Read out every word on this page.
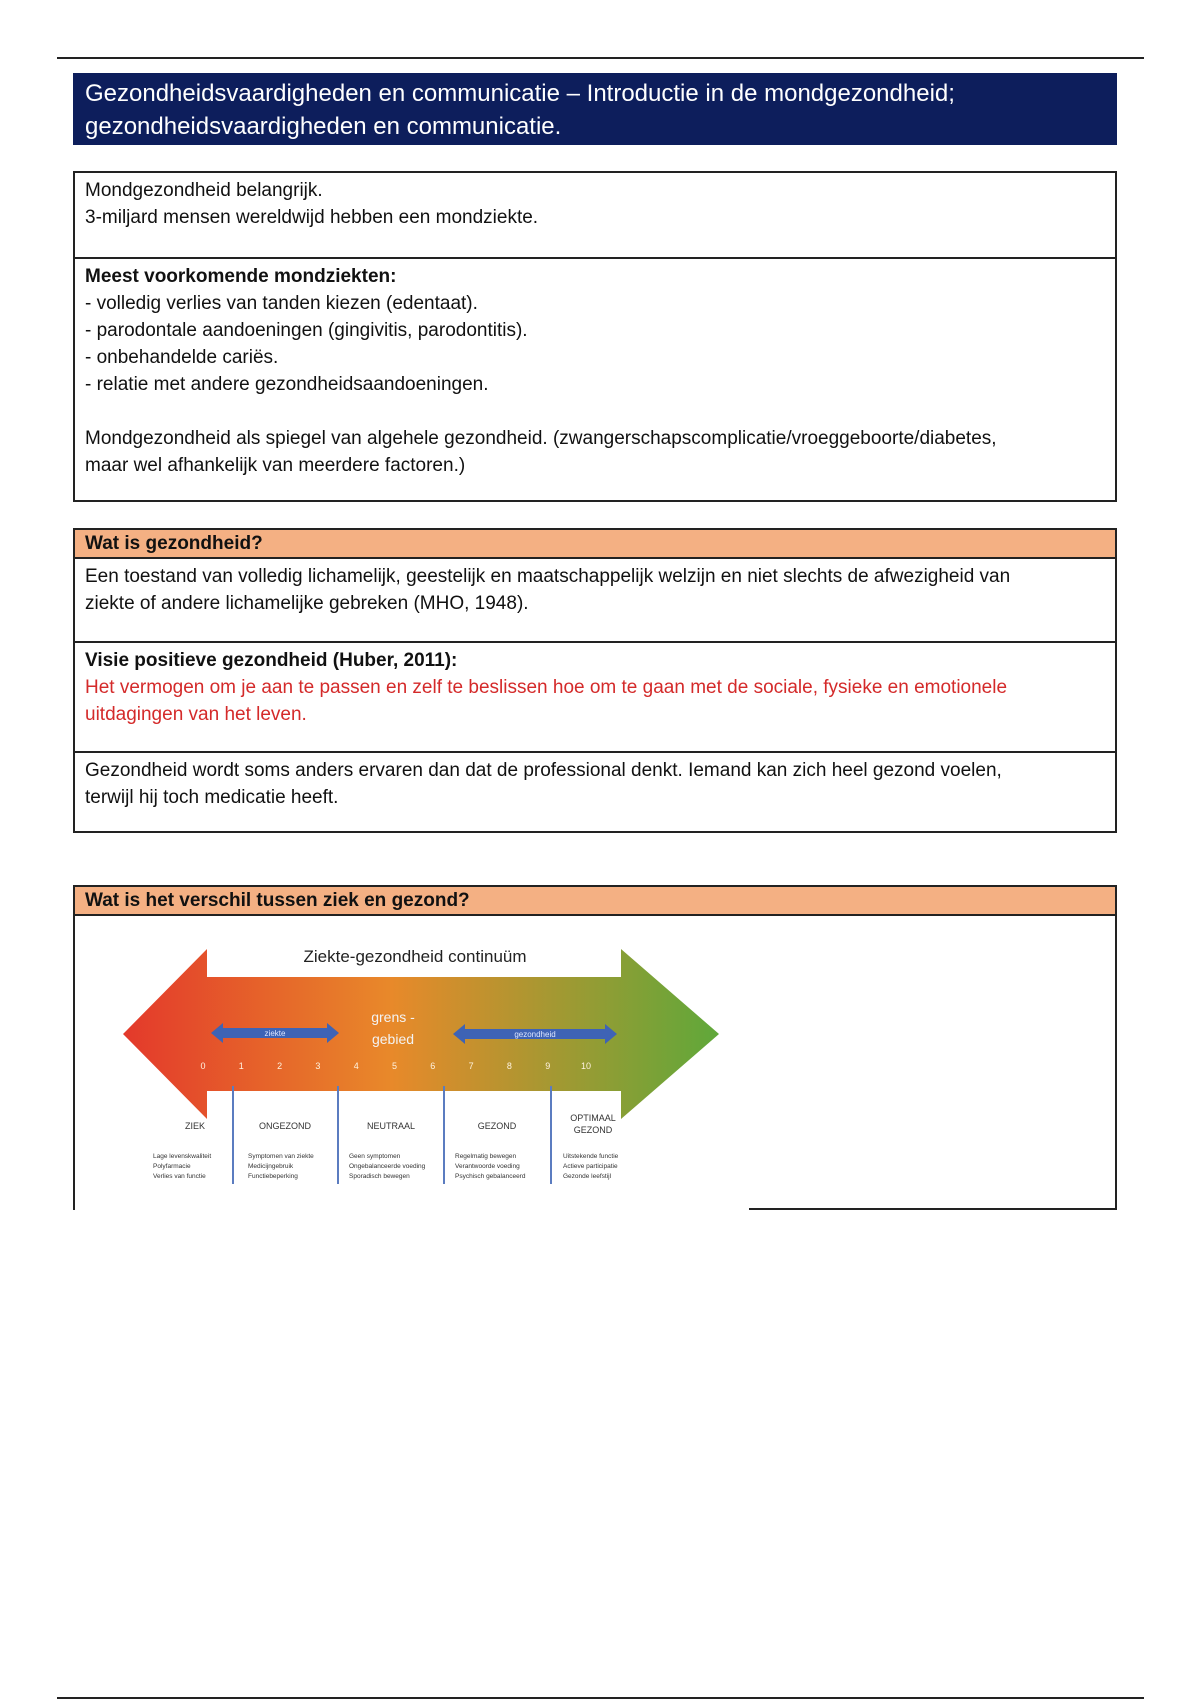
Gezondheidsvaardigheden en communicatie – Introductie in de mondgezondheid;
gezondheidsvaardigheden en communicatie.

Mondgezondheid belangrijk.

3-miljard mensen wereldwijd hebben een mondziekte.

Meest voorkomende mondziekten:

- volledig verlies van tanden kiezen (edentaat).

- parodontale aandoeningen (gingivitis, parodontitis).

- onbehandelde cariës.

- relatie met andere gezondheidsaandoeningen.

Mondgezondheid als spiegel van algehele gezondheid. (zwangerschapscomplicatie/vroeggeboorte/diabetes,

maar wel afhankelijk van meerdere factoren.)

Wat is gezondheid?

Een toestand van volledig lichamelijk, geestelijk en maatschappelijk welzijn en niet slechts de afwezigheid van

ziekte of andere lichamelijke gebreken (MHO, 1948).

Visie positieve gezondheid (Huber, 2011):

Het vermogen om je aan te passen en zelf te beslissen hoe om te gaan met de sociale, fysieke en emotionele

uitdagingen van het leven.

Gezondheid wordt soms anders ervaren dan dat de professional denkt. Iemand kan zich heel gezond voelen,

terwijl hij toch medicatie heeft.

Wat is het verschil tussen ziek en gezond?
Ziekte-gezondheid continuüm
ziekte	gezondheid
grens -
gebied
0	1	2	3	4	5	6	7	8	9	10
ZIEK
Lage levenskwaliteit
Polyfarmacie
Verlies van functie
ONGEZOND
Symptomen van ziekte
Medicijngebruik
Functiebeperking
NEUTRAAL
Geen symptomen
Ongebalanceerde voeding
Sporadisch bewegen
GEZOND
Regelmatig bewegen
Verantwoorde voeding
Psychisch gebalanceerd
OPTIMAAL
GEZOND
Uitstekende functie
Actieve participatie
Gezonde leefstijl
